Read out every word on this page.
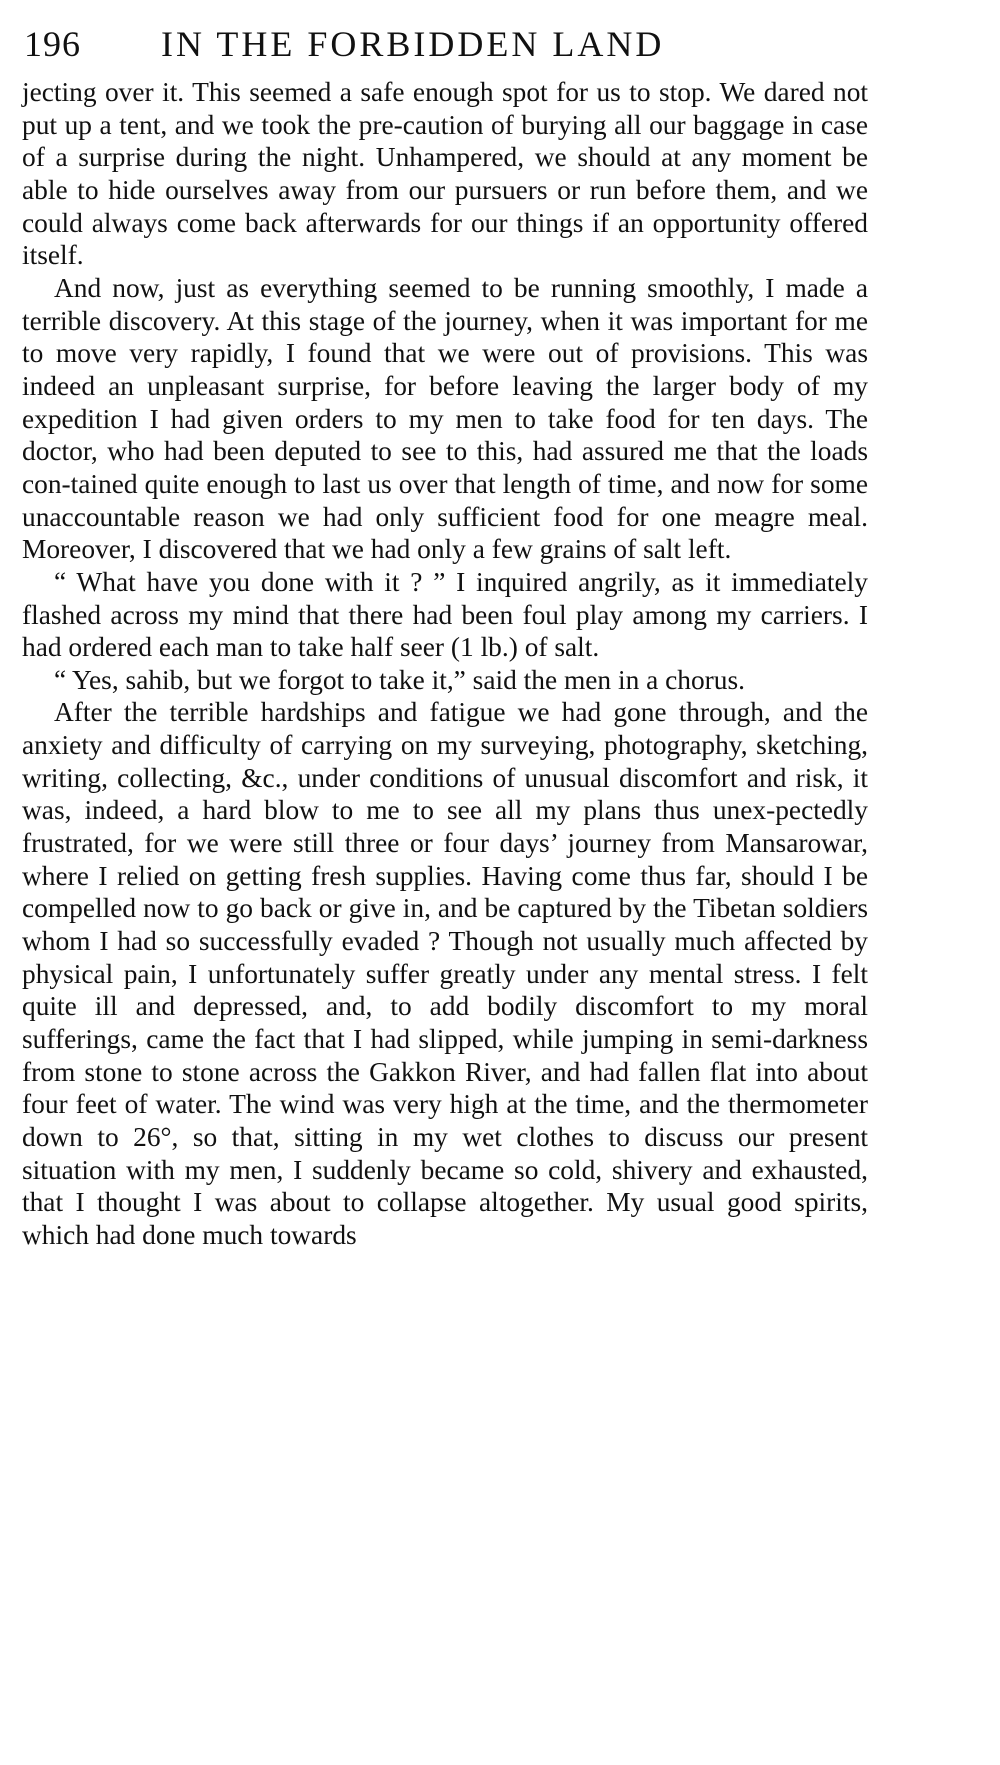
196 IN THE FORBIDDEN LAND

jecting over it. This seemed a safe enough spot for us to stop. We dared not put up a tent, and we took the pre-caution of burying all our baggage in case of a surprise during the night. Unhampered, we should at any moment be able to hide ourselves away from our pursuers or run before them, and we could always come back afterwards for our things if an opportunity offered itself.

And now, just as everything seemed to be running smoothly, I made a terrible discovery. At this stage of the journey, when it was important for me to move very rapidly, I found that we were out of provisions. This was indeed an unpleasant surprise, for before leaving the larger body of my expedition I had given orders to my men to take food for ten days. The doctor, who had been deputed to see to this, had assured me that the loads con-tained quite enough to last us over that length of time, and now for some unaccountable reason we had only sufficient food for one meagre meal. Moreover, I discovered that we had only a few grains of salt left.

“ What have you done with it ? ” I inquired angrily, as it immediately flashed across my mind that there had been foul play among my carriers. I had ordered each man to take half seer (1 lb.) of salt.

“ Yes, sahib, but we forgot to take it,” said the men in a chorus.

After the terrible hardships and fatigue we had gone through, and the anxiety and difficulty of carrying on my surveying, photography, sketching, writing, collecting, &c., under conditions of unusual discomfort and risk, it was, indeed, a hard blow to me to see all my plans thus unex-pectedly frustrated, for we were still three or four days’ journey from Mansarowar, where I relied on getting fresh supplies. Having come thus far, should I be compelled now to go back or give in, and be captured by the Tibetan soldiers whom I had so successfully evaded ? Though not usually much affected by physical pain, I unfortunately suffer greatly under any mental stress. I felt quite ill and depressed, and, to add bodily discomfort to my moral sufferings, came the fact that I had slipped, while jumping in semi-darkness from stone to stone across the Gakkon River, and had fallen flat into about four feet of water. The wind was very high at the time, and the thermometer down to 26°, so that, sitting in my wet clothes to discuss our present situation with my men, I suddenly became so cold, shivery and exhausted, that I thought I was about to collapse altogether. My usual good spirits, which had done much towards
